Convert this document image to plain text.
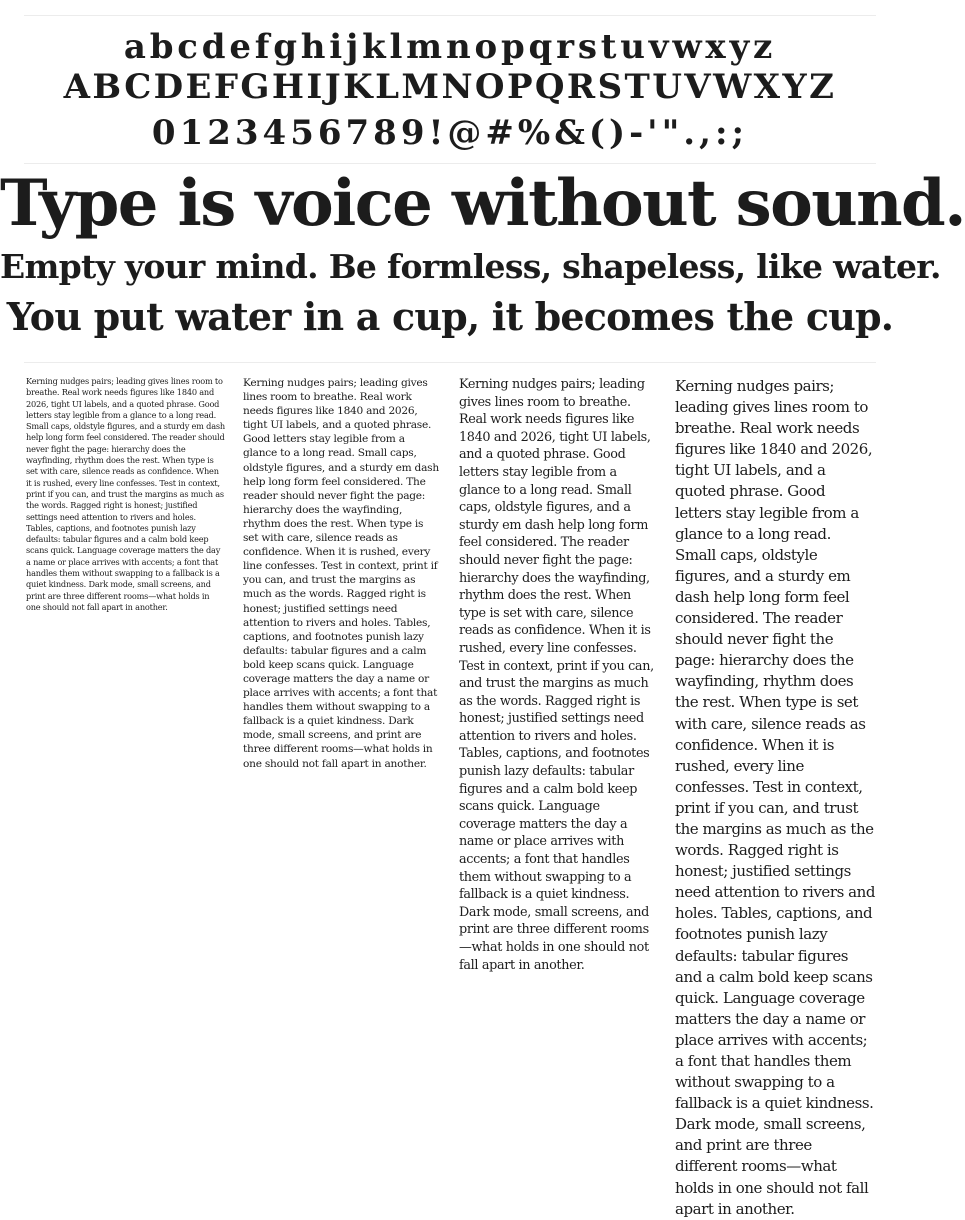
abcdefghijklmnopqrstuvwxyz
ABCDEFGHIJKLMNOPQRSTUVWXYZ
0123456789!@#%&()-'".,:;
Type is voice without sound.
Empty your mind. Be formless, shapeless, like water.
You put water in a cup, it becomes the cup.
Kerning nudges pairs; leading gives lines room to breathe. Real work needs figures like 1840 and 2026, tight UI labels, and a quoted phrase. Good letters stay legible from a glance to a long read. Small caps, oldstyle figures, and a sturdy em dash help long form feel considered. The reader should never fight the page: hierarchy does the wayfinding, rhythm does the rest. When type is set with care, silence reads as confidence. When it is rushed, every line confesses. Test in context, print if you can, and trust the margins as much as the words. Ragged right is honest; justified settings need attention to rivers and holes. Tables, captions, and footnotes punish lazy defaults: tabular figures and a calm bold keep scans quick. Language coverage matters the day a name or place arrives with accents; a font that handles them without swapping to a fallback is a quiet kindness. Dark mode, small screens, and print are three different rooms—what holds in one should not fall apart in another.
Kerning nudges pairs; leading gives lines room to breathe. Real work needs figures like 1840 and 2026, tight UI labels, and a quoted phrase. Good letters stay legible from a glance to a long read. Small caps, oldstyle figures, and a sturdy em dash help long form feel considered. The reader should never fight the page: hierarchy does the wayfinding, rhythm does the rest. When type is set with care, silence reads as confidence. When it is rushed, every line confesses. Test in context, print if you can, and trust the margins as much as the words. Ragged right is honest; justified settings need attention to rivers and holes. Tables, captions, and footnotes punish lazy defaults: tabular figures and a calm bold keep scans quick. Language coverage matters the day a name or place arrives with accents; a font that handles them without swapping to a fallback is a quiet kindness. Dark mode, small screens, and print are three different rooms—what holds in one should not fall apart in another.
Kerning nudges pairs; leading gives lines room to breathe. Real work needs figures like 1840 and 2026, tight UI labels, and a quoted phrase. Good letters stay legible from a glance to a long read. Small caps, oldstyle figures, and a sturdy em dash help long form feel considered. The reader should never fight the page: hierarchy does the wayfinding, rhythm does the rest. When type is set with care, silence reads as confidence. When it is rushed, every line confesses. Test in context, print if you can, and trust the margins as much as the words. Ragged right is honest; justified settings need attention to rivers and holes. Tables, captions, and footnotes punish lazy defaults: tabular figures and a calm bold keep scans quick. Language coverage matters the day a name or place arrives with accents; a font that handles them without swapping to a fallback is a quiet kindness. Dark mode, small screens, and print are three different rooms—what holds in one should not fall apart in another.
Kerning nudges pairs; leading gives lines room to breathe. Real work needs figures like 1840 and 2026, tight UI labels, and a quoted phrase. Good letters stay legible from a glance to a long read. Small caps, oldstyle figures, and a sturdy em dash help long form feel considered. The reader should never fight the page: hierarchy does the wayfinding, rhythm does the rest. When type is set with care, silence reads as confidence. When it is rushed, every line confesses. Test in context, print if you can, and trust the margins as much as the words. Ragged right is honest; justified settings need attention to rivers and holes. Tables, captions, and footnotes punish lazy defaults: tabular figures and a calm bold keep scans quick. Language coverage matters the day a name or place arrives with accents; a font that handles them without swapping to a fallback is a quiet kindness. Dark mode, small screens, and print are three different rooms—what holds in one should not fall apart in another.
